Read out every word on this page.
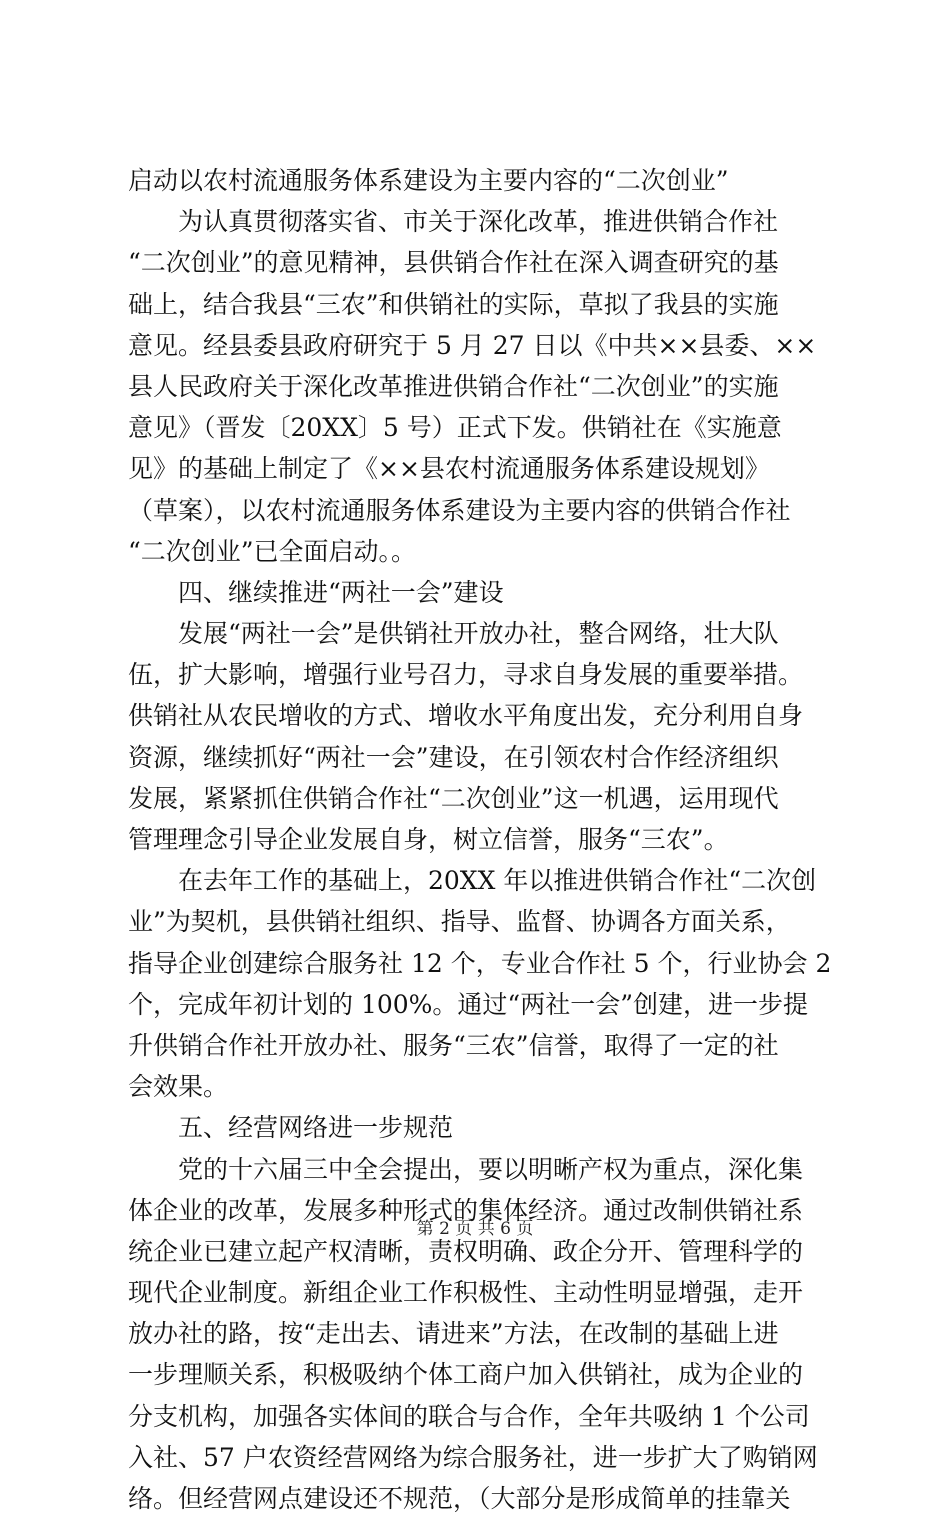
启动以农村流通服务体系建设为主要内容的“二次创业”
为认真贯彻落实省、市关于深化改革，推进供销合作社
“二次创业”的意见精神，县供销合作社在深入调查研究的基
础上，结合我县“三农”和供销社的实际，草拟了我县的实施
意见。经县委县政府研究于 5 月 27 日以《中共××县委、××
县人民政府关于深化改革推进供销合作社“二次创业”的实施
意见》（晋发〔20XX〕5 号）正式下发。供销社在《实施意
见》的基础上制定了《××县农村流通服务体系建设规划》
（草案），以农村流通服务体系建设为主要内容的供销合作社
“二次创业”已全面启动。。
四、继续推进“两社一会”建设
发展“两社一会”是供销社开放办社，整合网络，壮大队
伍，扩大影响，增强行业号召力，寻求自身发展的重要举措。
供销社从农民增收的方式、增收水平角度出发，充分利用自身
资源，继续抓好“两社一会”建设，在引领农村合作经济组织
发展，紧紧抓住供销合作社“二次创业”这一机遇，运用现代
管理理念引导企业发展自身，树立信誉，服务“三农”。
在去年工作的基础上，20XX 年以推进供销合作社“二次创
业”为契机，县供销社组织、指导、监督、协调各方面关系，
指导企业创建综合服务社 12 个，专业合作社 5 个，行业协会 2
个，完成年初计划的 100%。通过“两社一会”创建，进一步提
升供销合作社开放办社、服务“三农”信誉，取得了一定的社
会效果。
五、经营网络进一步规范
党的十六届三中全会提出，要以明晰产权为重点，深化集
体企业的改革，发展多种形式的集体经济。通过改制供销社系
统企业已建立起产权清晰，责权明确、政企分开、管理科学的
现代企业制度。新组企业工作积极性、主动性明显增强，走开
放办社的路，按“走出去、请进来”方法，在改制的基础上进
一步理顺关系，积极吸纳个体工商户加入供销社，成为企业的
分支机构，加强各实体间的联合与合作，全年共吸纳 1 个公司
入社、57 户农资经营网络为综合服务社，进一步扩大了购销网
络。但经营网点建设还不规范，（大部分是形成简单的挂靠关
第 2 页 共 6 页
